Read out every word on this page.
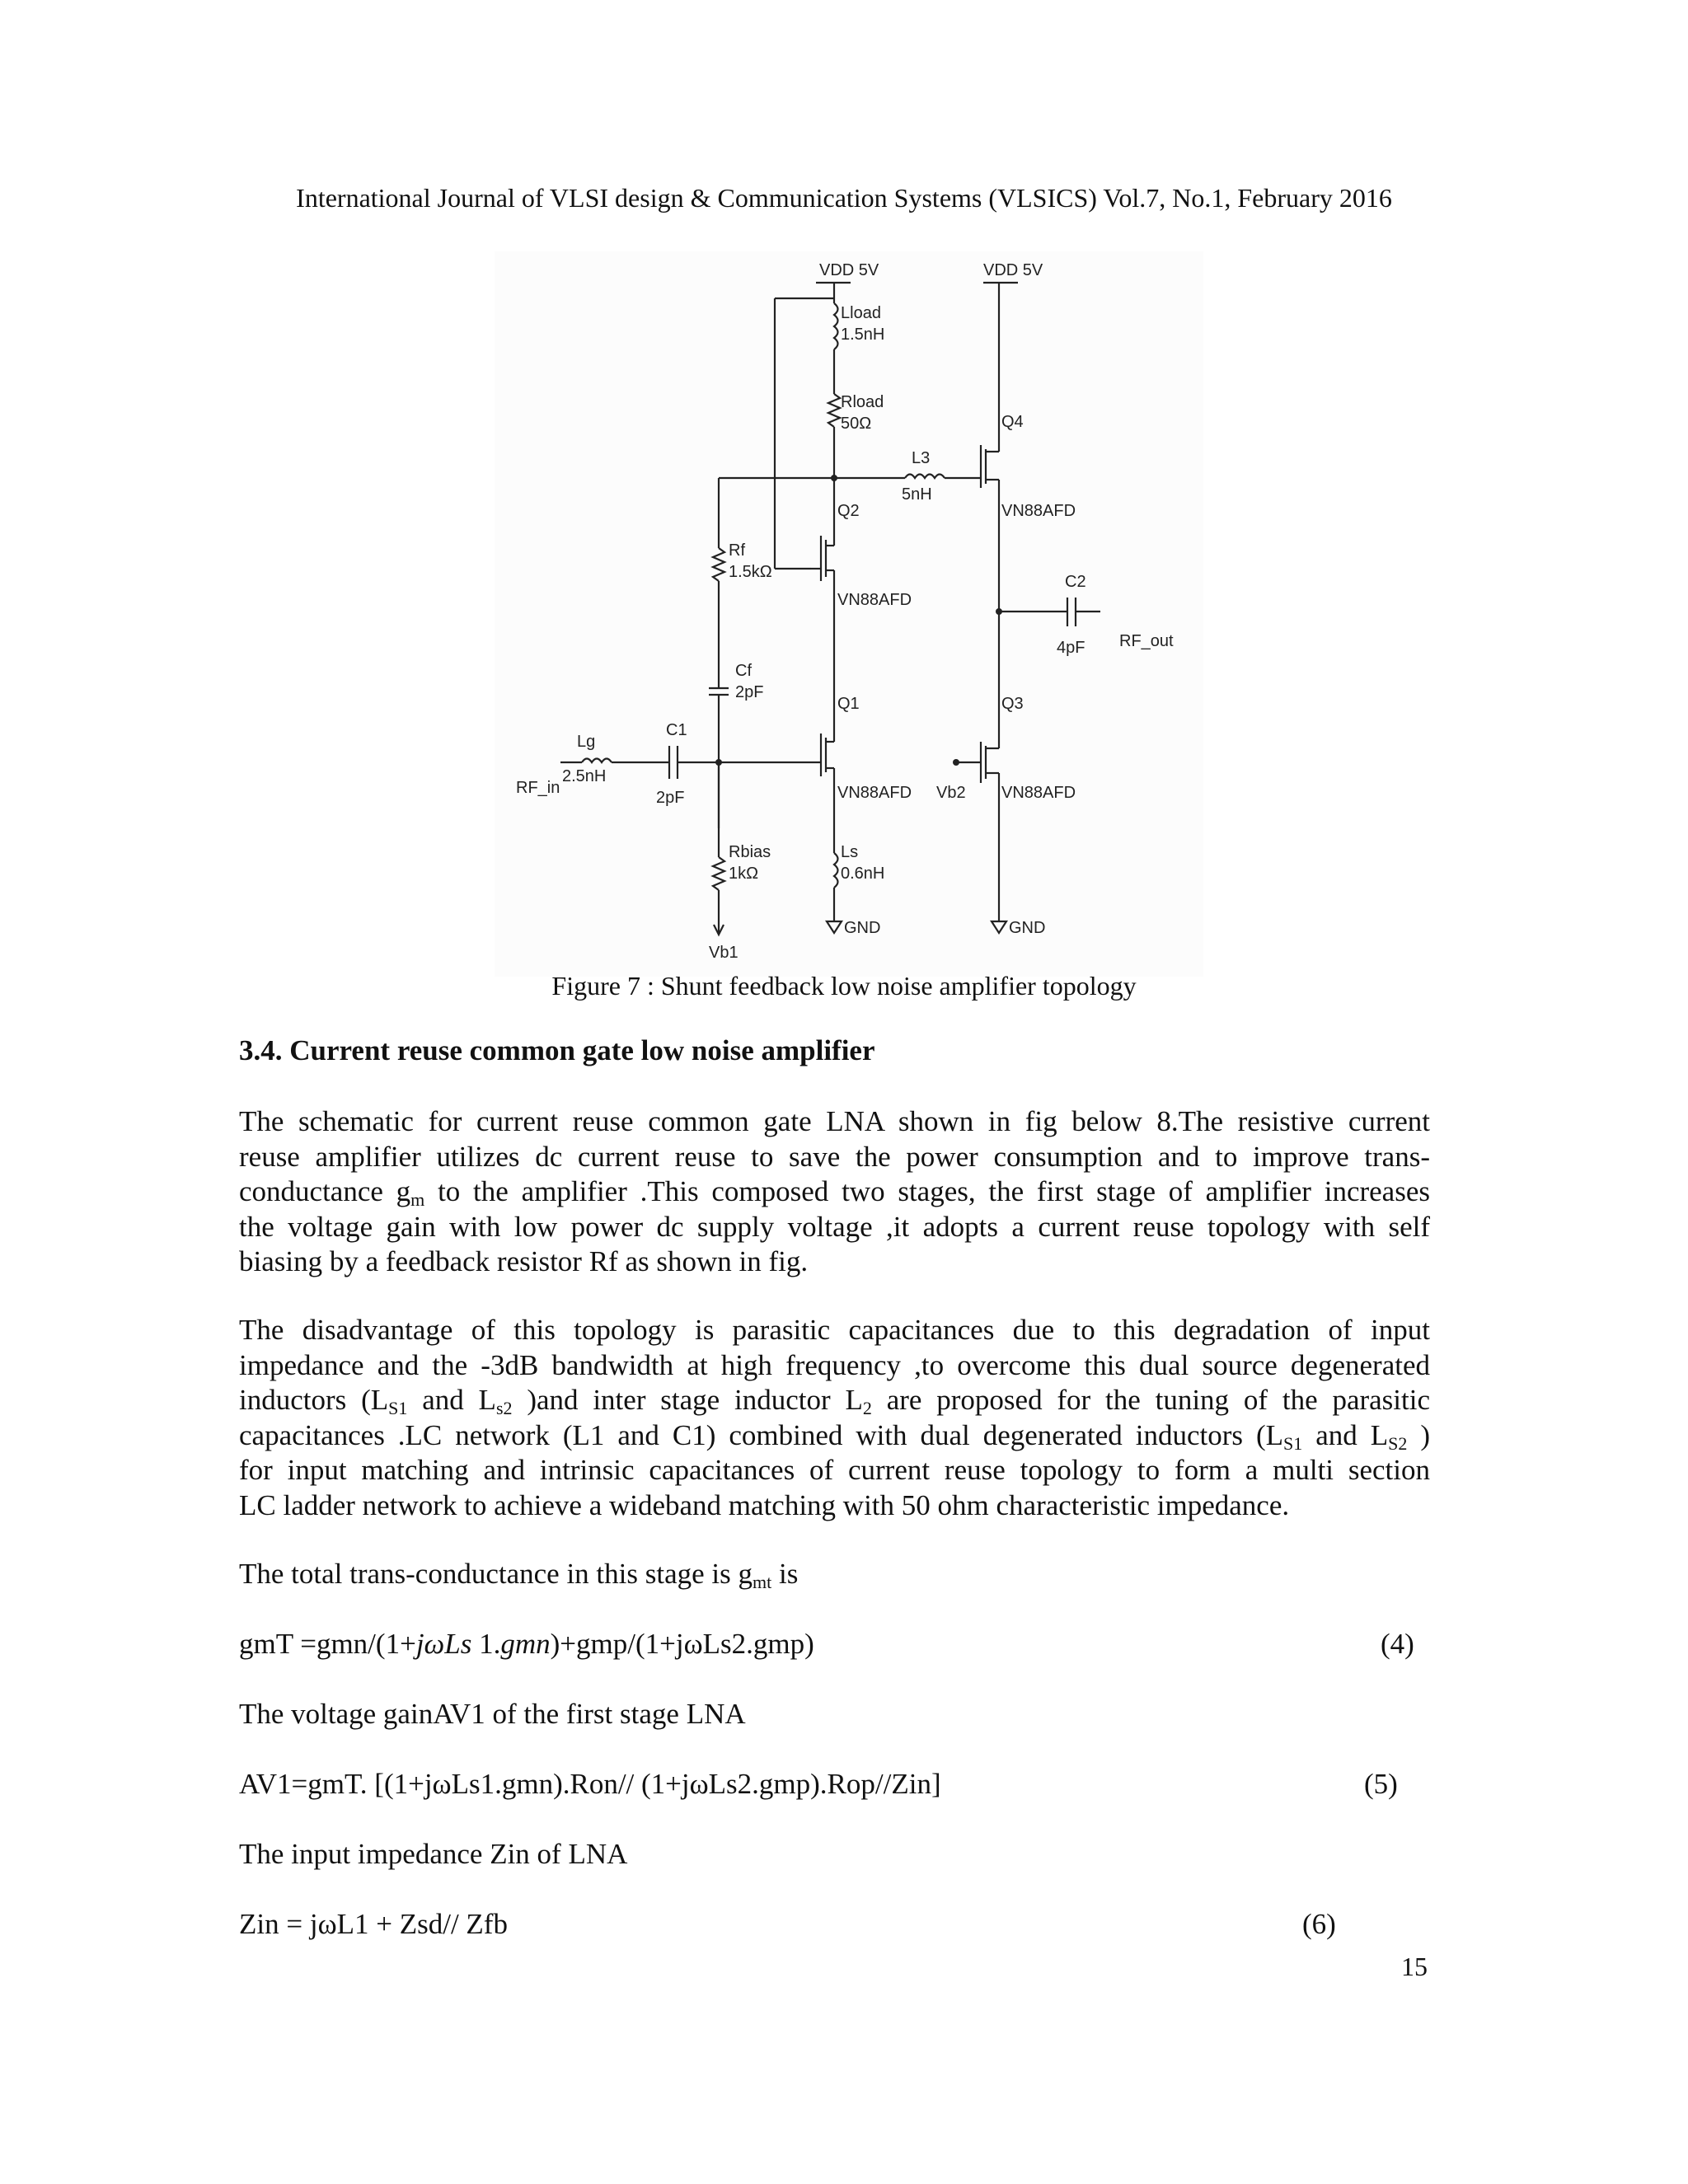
International Journal of VLSI design & Communication Systems (VLSICS) Vol.7, No.1, February 2016
VDD 5V	VDD 5V
Lload
1.5nH
Rload
50Ω
L3
5nH
Q4
VN88AFD
Q2
VN88AFD
Rf
1.5kΩ
C2
4pF RF_out
Cf
2pF
Q1
VN88AFD
Q3
VN88AFD
Lg
2.5nH
RF_in
C1
2pF	Vb2
Rbias
1kΩ
Ls
0.6nH
GND	GND
Vb1
Figure 7 : Shunt feedback low noise amplifier topology
3.4. Current reuse common gate low noise amplifier
The schematic for current reuse common gate LNA shown in fig below 8.The resistive current
reuse amplifier utilizes dc current reuse to save the power consumption and to improve trans-
conductance $g_m$ to the amplifier .This composed two stages, the first stage of amplifier increases
the voltage gain with low power dc supply voltage ,it adopts a current reuse topology with self
biasing by a feedback resistor Rf as shown in fig.
The disadvantage of this topology is parasitic capacitances due to this degradation of input
impedance and the -3dB bandwidth at high frequency ,to overcome this dual source degenerated
inductors ($L_{S1}$ and $L_{s2}$ )and inter stage inductor $L_2$ are proposed for the tuning of the parasitic
capacitances .LC network (L1 and C1) combined with dual degenerated inductors ($L_{S1}$ and $L_{S2}$ )
for input matching and intrinsic capacitances of current reuse topology to form a multi section
LC ladder network to achieve a wideband matching with 50 ohm characteristic impedance.
The total trans-conductance in this stage is $g_{mt}$ is
gmT =gmn/(1+jωLs 1.gmn)+gmp/(1+jωLs2.gmp)	(4)
The voltage gainAV1 of the first stage LNA
AV1=gmT. [(1+jωLs1.gmn).Ron// (1+jωLs2.gmp).Rop//Zin]	(5)
The input impedance Zin of LNA
Zin = jωL1 + Zsd// Zfb	(6)
15
